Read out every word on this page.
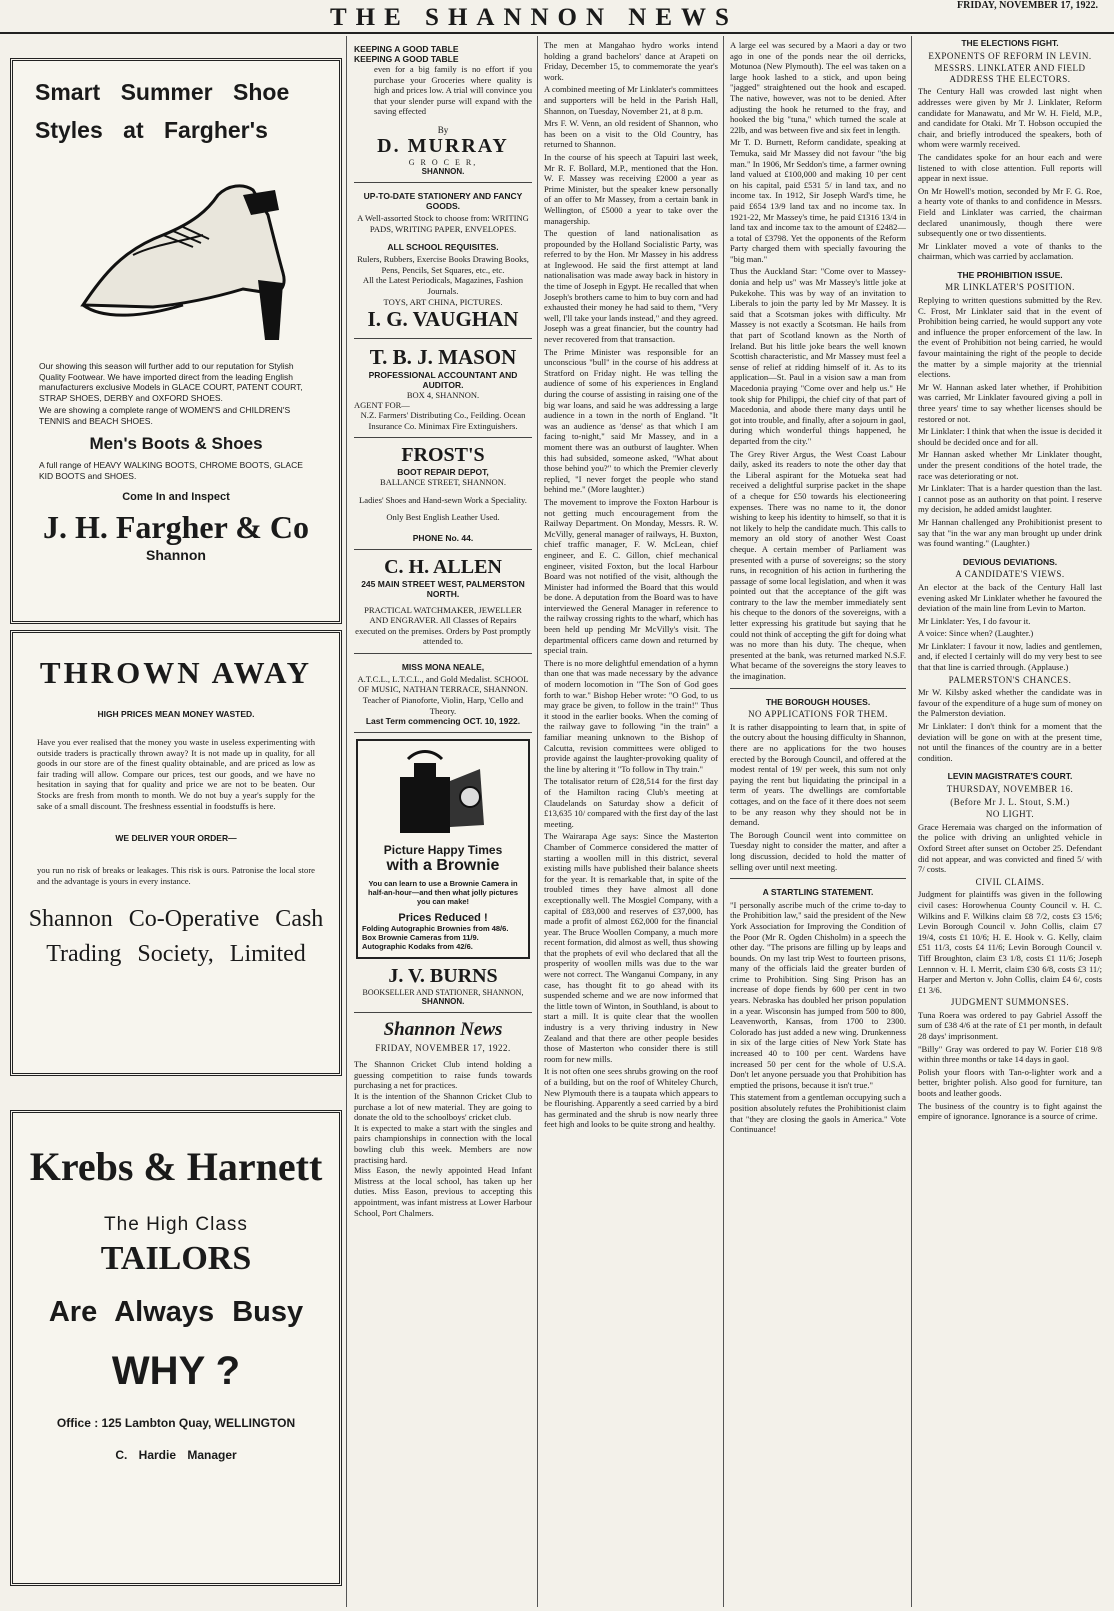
THE SHANNON NEWS	FRIDAY, NOVEMBER 17, 1922.
Smart Summer Shoe Styles at Fargher's

Our showing this season will further add to our reputation for Stylish Quality Footwear. We have imported direct from the leading English manufacturers exclusive Models in GLACE COURT, PATENT COURT, STRAP SHOES, DERBY and OXFORD SHOES.

We are showing a complete range of WOMEN'S and CHILDREN'S TENNIS and BEACH SHOES.

Men's Boots & Shoes
A full range of HEAVY WALKING BOOTS, CHROME BOOTS, GLACE KID BOOTS and SHOES.
Come In and Inspect
J. H. Fargher & Co
Shannon
THROWN AWAY
HIGH PRICES MEAN MONEY WASTED.
Have you ever realised that the money you waste in useless experimenting with outside traders is practically thrown away? It is not made up in quality, for all goods in our store are of the finest quality obtainable, and are priced as low as fair trading will allow. Compare our prices, test our goods, and we have no hesitation in saying that for quality and price we are not to be beaten. Our Stocks are fresh from month to month. We do not buy a year's supply for the sake of a small discount. The freshness essential in foodstuffs is here.
WE DELIVER YOUR ORDER—
you run no risk of breaks or leakages. This risk is ours. Patronise the local store and the advantage is yours in every instance.
Shannon Co-Operative Cash
Trading Society, Limited
Krebs & Harnett
The High Class
TAILORS
Are Always Busy
WHY ?
Office : 125 Lambton Quay, WELLINGTON
C. Hardie Manager
KEEPING A GOOD TABLE
KEEPING A GOOD TABLE
even for a big family is no effort if you purchase your Groceries where quality is high and prices low. A trial will convince you that your slender purse will expand with the saving effected
By
D. MURRAY
G R O C E R,
SHANNON.
UP-TO-DATE STATIONERY AND FANCY GOODS.
A Well-assorted Stock to choose from: WRITING PADS, WRITING PAPER, ENVELOPES.
ALL SCHOOL REQUISITES.
Rulers, Rubbers, Exercise Books Drawing Books, Pens, Pencils, Set Squares, etc., etc.
All the Latest Periodicals, Magazines, Fashion Journals.
TOYS, ART CHINA, PICTURES.
I. G. VAUGHAN
T. B. J. MASON
PROFESSIONAL ACCOUNTANT AND AUDITOR.
BOX 4, SHANNON.
AGENT FOR—
N.Z. Farmers' Distributing Co., Feilding. Ocean Insurance Co. Minimax Fire Extinguishers.
FROST'S
BOOT REPAIR DEPOT,
BALLANCE STREET, SHANNON.
Ladies' Shoes and Hand-sewn Work a Speciality.
Only Best English Leather Used.
PHONE No. 44.
C. H. ALLEN
245 MAIN STREET WEST, PALMERSTON NORTH.
PRACTICAL WATCHMAKER, JEWELLER AND ENGRAVER. All Classes of Repairs executed on the premises. Orders by Post promptly attended to.
MISS MONA NEALE,
A.T.C.L., L.T.C.L., and Gold Medalist. SCHOOL OF MUSIC, NATHAN TERRACE, SHANNON. Teacher of Pianoforte, Violin, Harp, 'Cello and Theory.
Last Term commencing OCT. 10, 1922.
Picture Happy Times
with a Brownie
You can learn to use a Brownie Camera in half-an-hour—and then what jolly pictures you can make!
Prices Reduced !
Folding Autographic Brownies from 48/6.
Box Brownie Cameras from 11/9.
Autographic Kodaks from 42/6.
J. V. BURNS
BOOKSELLER AND STATIONER, SHANNON,
SHANNON.
Shannon News
FRIDAY, NOVEMBER 17, 1922.
The Shannon Cricket Club intend holding a guessing competition to raise funds towards purchasing a net for practices.
It is the intention of the Shannon Cricket Club to purchase a lot of new material. They are going to donate the old to the schoolboys' cricket club.
It is expected to make a start with the singles and pairs championships in connection with the local bowling club this week. Members are now practising hard.
Miss Eason, the newly appointed Head Infant Mistress at the local school, has taken up her duties. Miss Eason, previous to accepting this appointment, was infant mistress at Lower Harbour School, Port Chalmers.

The men at Mangahao hydro works intend holding a grand bachelors' dance at Arapeti on Friday, December 15, to commemorate the year's work.

A combined meeting of Mr Linklater's committees and supporters will be held in the Parish Hall, Shannon, on Tuesday, November 21, at 8 p.m.

Mrs F. W. Venn, an old resident of Shannon, who has been on a visit to the Old Country, has returned to Shannon.

In the course of his speech at Tapuiri last week, Mr R. F. Bollard, M.P., mentioned that the Hon. W. F. Massey was receiving £2000 a year as Prime Minister, but the speaker knew personally of an offer to Mr Massey, from a certain bank in Wellington, of £5000 a year to take over the managership.

The question of land nationalisation as propounded by the Holland Socialistic Party, was referred to by the Hon. Mr Massey in his address at Inglewood. He said the first attempt at land nationalisation was made away back in history in the time of Joseph in Egypt. He recalled that when Joseph's brothers came to him to buy corn and had exhausted their money he had said to them, "Very well, I'll take your lands instead," and they agreed. Joseph was a great financier, but the country had never recovered from that transaction.

The Prime Minister was responsible for an unconscious "bull" in the course of his address at Stratford on Friday night. He was telling the audience of some of his experiences in England during the course of assisting in raising one of the big war loans, and said he was addressing a large audience in a town in the north of England. "It was an audience as 'dense' as that which I am facing to-night," said Mr Massey, and in a moment there was an outburst of laughter. When this had subsided, someone asked, "What about those behind you?" to which the Premier cleverly replied, "I never forget the people who stand behind me." (More laughter.)

The movement to improve the Foxton Harbour is not getting much encouragement from the Railway Department. On Monday, Messrs. R. W. McVilly, general manager of railways, H. Buxton, chief traffic manager, F. W. McLean, chief engineer, and E. C. Gillon, chief mechanical engineer, visited Foxton, but the local Harbour Board was not notified of the visit, although the Minister had informed the Board that this would be done. A deputation from the Board was to have interviewed the General Manager in reference to the railway crossing rights to the wharf, which has been held up pending Mr McVilly's visit. The departmental officers came down and returned by special train.

There is no more delightful emendation of a hymn than one that was made necessary by the advance of modern locomotion in "The Son of God goes forth to war." Bishop Heber wrote: "O God, to us may grace be given, to follow in the train!" Thus it stood in the earlier books. When the coming of the railway gave to following "in the train" a familiar meaning unknown to the Bishop of Calcutta, revision committees were obliged to provide against the laughter-provoking quality of the line by altering it "To follow in Thy train."

The totalisator return of £28,514 for the first day of the Hamilton racing Club's meeting at Claudelands on Saturday show a deficit of £13,635 10/ compared with the first day of the last meeting.

The Wairarapa Age says: Since the Masterton Chamber of Commerce considered the matter of starting a woollen mill in this district, several existing mills have published their balance sheets for the year. It is remarkable that, in spite of the troubled times they have almost all done exceptionally well. The Mosgiel Company, with a capital of £83,000 and reserves of £37,000, has made a profit of almost £62,000 for the financial year. The Bruce Woollen Company, a much more recent formation, did almost as well, thus showing that the prophets of evil who declared that all the prosperity of woollen mills was due to the war were not correct. The Wanganui Company, in any case, has thought fit to go ahead with its suspended scheme and we are now informed that the little town of Winton, in Southland, is about to start a mill. It is quite clear that the woollen industry is a very thriving industry in New Zealand and that there are other people besides those of Masterton who consider there is still room for new mills.

It is not often one sees shrubs growing on the roof of a building, but on the roof of Whiteley Church, New Plymouth there is a taupata which appears to be flourishing. Apparently a seed carried by a bird has germinated and the shrub is now nearly three feet high and looks to be quite strong and healthy.

A large eel was secured by a Maori a day or two ago in one of the ponds near the oil derricks, Motunoa (New Plymouth). The eel was taken on a large hook lashed to a stick, and upon being "jagged" straightened out the hook and escaped. The native, however, was not to be denied. After adjusting the hook he returned to the fray, and hooked the big "tuna," which turned the scale at 22lb, and was between five and six feet in length.

Mr T. D. Burnett, Reform candidate, speaking at Temuka, said Mr Massey did not favour "the big man." In 1906, Mr Seddon's time, a farmer owning land valued at £100,000 and making 10 per cent on his capital, paid £531 5/ in land tax, and no income tax. In 1912, Sir Joseph Ward's time, he paid £654 13/9 land tax and no income tax. In 1921-22, Mr Massey's time, he paid £1316 13/4 in land tax and income tax to the amount of £2482—a total of £3798. Yet the opponents of the Reform Party charged them with specially favouring the "big man."

Thus the Auckland Star: "Come over to Massey-donia and help us" was Mr Massey's little joke at Pukekohe. This was by way of an invitation to Liberals to join the party led by Mr Massey. It is said that a Scotsman jokes with difficulty. Mr Massey is not exactly a Scotsman. He hails from that part of Scotland known as the North of Ireland. But his little joke bears the well known Scottish characteristic, and Mr Massey must feel a sense of relief at ridding himself of it. As to its application—St. Paul in a vision saw a man from Macedonia praying "Come over and help us." He took ship for Philippi, the chief city of that part of Macedonia, and abode there many days until he got into trouble, and finally, after a sojourn in gaol, during which wonderful things happened, he departed from the city."

The Grey River Argus, the West Coast Labour daily, asked its readers to note the other day that the Liberal aspirant for the Motueka seat had received a delightful surprise packet in the shape of a cheque for £50 towards his electioneering expenses. There was no name to it, the donor wishing to keep his identity to himself, so that it is not likely to help the candidate much. This calls to memory an old story of another West Coast cheque. A certain member of Parliament was presented with a purse of sovereigns; so the story runs, in recognition of his action in furthering the passage of some local legislation, and when it was pointed out that the acceptance of the gift was contrary to the law the member immediately sent his cheque to the donors of the sovereigns, with a letter expressing his gratitude but saying that he could not think of accepting the gift for doing what was no more than his duty. The cheque, when presented at the bank, was returned marked N.S.F. What became of the sovereigns the story leaves to the imagination.

THE BOROUGH HOUSES.
NO APPLICATIONS FOR THEM.

It is rather disappointing to learn that, in spite of the outcry about the housing difficulty in Shannon, there are no applications for the two houses erected by the Borough Council, and offered at the modest rental of 19/ per week, this sum not only paying the rent but liquidating the principal in a term of years. The dwellings are comfortable cottages, and on the face of it there does not seem to be any reason why they should not be in demand.

The Borough Council went into committee on Tuesday night to consider the matter, and after a long discussion, decided to hold the matter of selling over until next meeting.

A STARTLING STATEMENT.

"I personally ascribe much of the crime to-day to the Prohibition law," said the president of the New York Association for Improving the Condition of the Poor (Mr R. Ogden Chisholm) in a speech the other day. "The prisons are filling up by leaps and bounds. On my last trip West to fourteen prisons, many of the officials laid the greater burden of crime to Prohibition. Sing Sing Prison has an increase of dope fiends by 600 per cent in two years. Nebraska has doubled her prison population in a year. Wisconsin has jumped from 500 to 800, Leavenworth, Kansas, from 1700 to 2300. Colorado has just added a new wing. Drunkenness in six of the large cities of New York State has increased 40 to 100 per cent. Wardens have increased 50 per cent for the whole of U.S.A. Don't let anyone persuade you that Prohibition has emptied the prisons, because it isn't true."

This statement from a gentleman occupying such a position absolutely refutes the Prohibitionist claim that "they are closing the gaols in America." Vote Continuance!

THE ELECTIONS FIGHT.
EXPONENTS OF REFORM IN LEVIN.
MESSRS. LINKLATER AND FIELD ADDRESS THE ELECTORS.

The Century Hall was crowded last night when addresses were given by Mr J. Linklater, Reform candidate for Manawatu, and Mr W. H. Field, M.P., and candidate for Otaki. Mr T. Hobson occupied the chair, and briefly introduced the speakers, both of whom were warmly received.

The candidates spoke for an hour each and were listened to with close attention. Full reports will appear in next issue.

On Mr Howell's motion, seconded by Mr F. G. Roe, a hearty vote of thanks to and confidence in Messrs. Field and Linklater was carried, the chairman declared unanimously, though there were subsequently one or two dissentients.

Mr Linklater moved a vote of thanks to the chairman, which was carried by acclamation.

THE PROHIBITION ISSUE.
MR LINKLATER'S POSITION.

Replying to written questions submitted by the Rev. C. Frost, Mr Linklater said that in the event of Prohibition being carried, he would support any vote and influence the proper enforcement of the law. In the event of Prohibition not being carried, he would favour maintaining the right of the people to decide the matter by a simple majority at the triennial elections.

Mr W. Hannan asked later whether, if Prohibition was carried, Mr Linklater favoured giving a poll in three years' time to say whether licenses should be restored or not.

Mr Linklater: I think that when the issue is decided it should be decided once and for all.

Mr Hannan asked whether Mr Linklater thought, under the present conditions of the hotel trade, the race was deteriorating or not.

Mr Linklater: That is a harder question than the last. I cannot pose as an authority on that point. I reserve my decision, he added amidst laughter.

Mr Hannan challenged any Prohibitionist present to say that "in the war any man brought up under drink was found wanting." (Laughter.)

DEVIOUS DEVIATIONS.
A CANDIDATE'S VIEWS.

An elector at the back of the Century Hall last evening asked Mr Linklater whether he favoured the deviation of the main line from Levin to Marton.

Mr Linklater: Yes, I do favour it.

A voice: Since when? (Laughter.)

Mr Linklater: I favour it now, ladies and gentlemen, and, if elected I certainly will do my very best to see that that line is carried through. (Applause.)

PALMERSTON'S CHANCES.

Mr W. Kilsby asked whether the candidate was in favour of the expenditure of a huge sum of money on the Palmerston deviation.

Mr Linklater: I don't think for a moment that the deviation will be gone on with at the present time, not until the finances of the country are in a better condition.

LEVIN MAGISTRATE'S COURT.
THURSDAY, NOVEMBER 16.
(Before Mr J. L. Stout, S.M.)
NO LIGHT.

Grace Heremaia was charged on the information of the police with driving an unlighted vehicle in Oxford Street after sunset on October 25. Defendant did not appear, and was convicted and fined 5/ with 7/ costs.

CIVIL CLAIMS.

Judgment for plaintiffs was given in the following civil cases: Horowhenua County Council v. H. C. Wilkins and F. Wilkins claim £8 7/2, costs £3 15/6; Levin Borough Council v. John Collis, claim £7 19/4, costs £1 10/6; H. E. Hook v. G. Kelly, claim £51 11/3, costs £4 11/6; Levin Borough Council v. Tiff Broughton, claim £3 1/8, costs £1 11/6; Joseph Lennnon v. H. I. Merrit, claim £30 6/8, costs £3 11/; Harper and Merton v. John Collis, claim £4 6/, costs £1 3/6.

JUDGMENT SUMMONSES.

Tuna Roera was ordered to pay Gabriel Assoff the sum of £38 4/6 at the rate of £1 per month, in default 28 days' imprisonment.

"Billy" Gray was ordered to pay W. Forier £18 9/8 within three months or take 14 days in gaol.

Polish your floors with Tan-o-lighter work and a better, brighter polish. Also good for furniture, tan boots and leather goods.

The business of the country is to fight against the empire of ignorance. Ignorance is a source of crime.
